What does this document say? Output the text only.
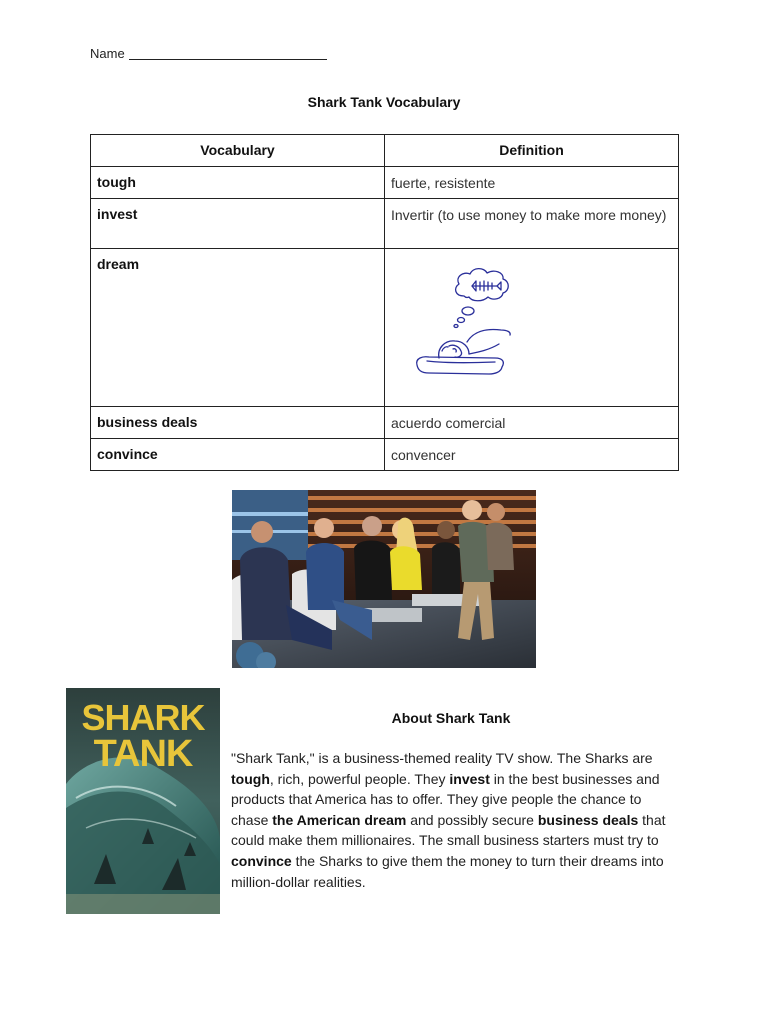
Name
Shark Tank Vocabulary
Vocabulary	Definition
tough	fuerte, resistente
invest	Invertir (to use money to make more money)
dream	

business deals	acuerdo comercial
convince	convencer
SHARK
TANK
About Shark Tank

"Shark Tank," is a business-themed reality TV show. The Sharks are tough, rich, powerful people. They invest in the best businesses and products that America has to offer. They give people the chance to chase the American dream and possibly secure business deals that could make them millionaires. The small business starters must try to convince the Sharks to give them the money to turn their dreams into million-dollar realities.
